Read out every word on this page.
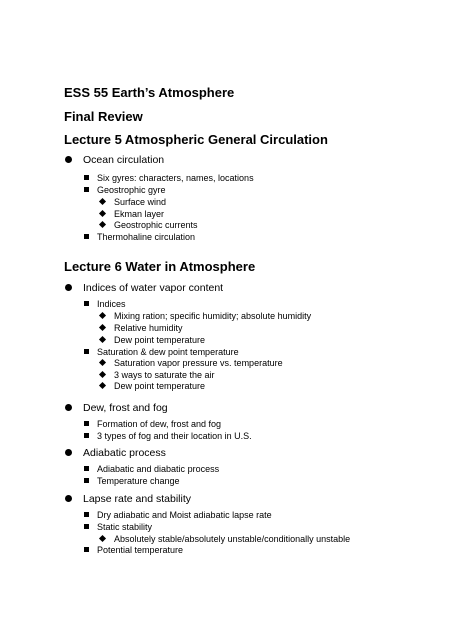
ESS 55 Earth’s Atmosphere
Final Review
Lecture 5 Atmospheric General Circulation
Ocean circulation
Six gyres: characters, names, locations
Geostrophic gyre
Surface wind
Ekman layer
Geostrophic currents
Thermohaline circulation
Lecture 6 Water in Atmosphere
Indices of water vapor content
Indices
Mixing ration; specific humidity; absolute humidity
Relative humidity
Dew point temperature
Saturation & dew point temperature
Saturation vapor pressure vs. temperature
3 ways to saturate the air
Dew point temperature
Dew, frost and fog
Formation of dew, frost and fog
3 types of fog and their location in U.S.
Adiabatic process
Adiabatic and diabatic process
Temperature change
Lapse rate and stability
Dry adiabatic and Moist adiabatic lapse rate
Static stability
Absolutely stable/absolutely unstable/conditionally unstable
Potential temperature
